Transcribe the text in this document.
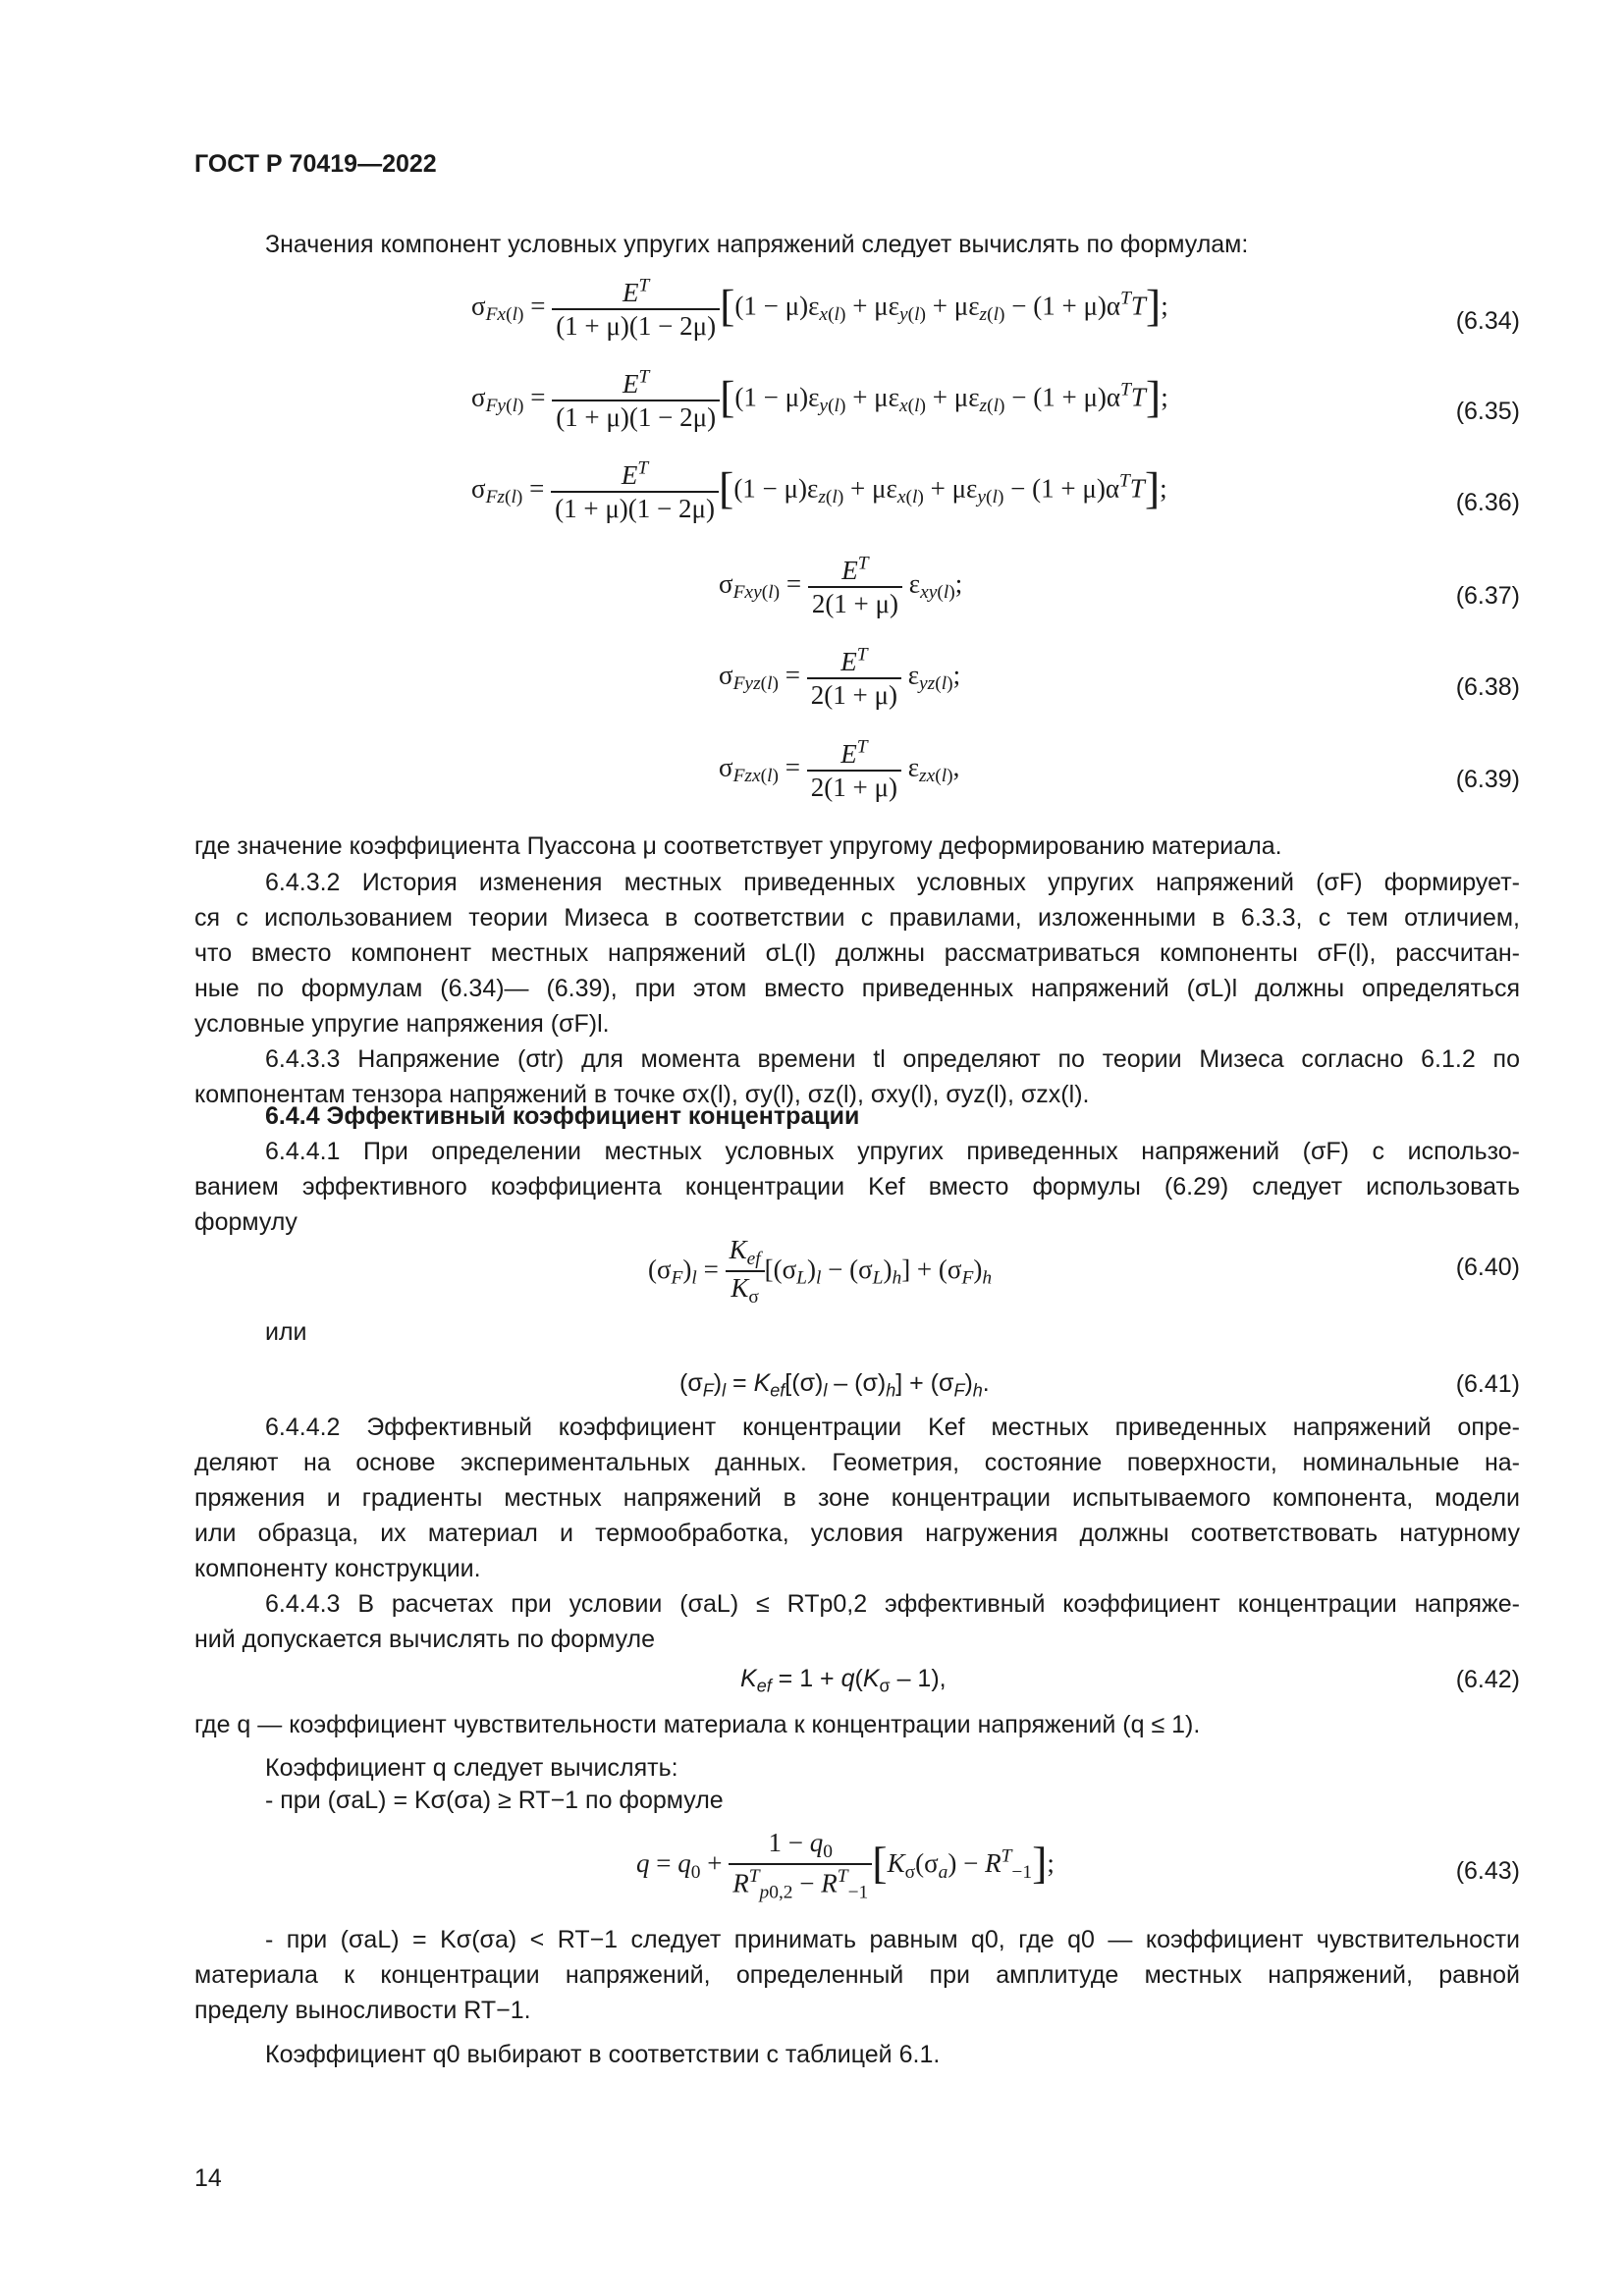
ГОСТ Р 70419—2022
Значения компонент условных упругих напряжений следует вычислять по формулам:
$\sigma_{Fx(l)} = \frac{E^T}{(1 + \mu)(1 - 2\mu)} [(1 - \mu)\varepsilon_{x(l)} + \mu\varepsilon_{y(l)} + \mu\varepsilon_{z(l)} - (1 + \mu)\alpha^TT]$;
(6.34)
$\sigma_{Fy(l)} = \frac{E^T}{(1 + \mu)(1 - 2\mu)} [(1 - \mu)\varepsilon_{y(l)} + \mu\varepsilon_{x(l)} + \mu\varepsilon_{z(l)} - (1 + \mu)\alpha^TT]$;	(6.35)
$\sigma_{Fz(l)} = \frac{E^T}{(1 + \mu)(1 - 2\mu)} [(1 - \mu)\varepsilon_{z(l)} + \mu\varepsilon_{x(l)} + \mu\varepsilon_{y(l)} - (1 + \mu)\alpha^TT]$;	(6.36)
$\sigma_{Fxy(l)} = \frac{E^T}{2(1 + \mu)} \varepsilon_{xy(l)}$;	(6.37)
$\sigma_{Fyz(l)} = \frac{E^T}{2(1 + \mu)} \varepsilon_{yz(l)}$;	(6.38)
$\sigma_{Fzx(l)} = \frac{E^T}{2(1 + \mu)} \varepsilon_{zx(l)}$,	(6.39)
где значение коэффициента Пуассона μ соответствует упругому деформированию материала.
6.4.3.2 История изменения местных приведенных условных упругих напряжений (σF) формирует-
ся с использованием теории Мизеса в соответствии с правилами, изложенными в 6.3.3, с тем отличием,
что вместо компонент местных напряжений σL(l) должны рассматриваться компоненты σF(l), рассчитан-
ные по формулам (6.34)— (6.39), при этом вместо приведенных напряжений (σL)l должны определяться
условные упругие напряжения (σF)l.
6.4.3.3 Напряжение (σtr) для момента времени tl определяют по теории Мизеса согласно 6.1.2 по
компонентам тензора напряжений в точке σx(l), σy(l), σz(l), σxy(l), σyz(l), σzx(l).
6.4.4 Эффективный коэффициент концентрации
6.4.4.1 При определении местных условных упругих приведенных напряжений (σF) с использо-
ванием эффективного коэффициента концентрации Kef вместо формулы (6.29) следует использовать
формулу
$(\sigma_F)_l = \frac{K_{ef}}{K_\sigma} [(\sigma_L)_l - (\sigma_L)_h] + (\sigma_F)_h$	(6.40)
или
$(\sigma_F)_l = K_{ef}[(\sigma)_l - (\sigma)_h] + (\sigma_F)_h$.	(6.41)
6.4.4.2 Эффективный коэффициент концентрации Kef местных приведенных напряжений опре-
деляют на основе экспериментальных данных. Геометрия, состояние поверхности, номинальные на-
пряжения и градиенты местных напряжений в зоне концентрации испытываемого компонента, модели
или образца, их материал и термообработка, условия нагружения должны соответствовать натурному
компоненту конструкции.
6.4.4.3 В расчетах при условии (σaL) ≤ RTp0,2 эффективный коэффициент концентрации напряже-
ний допускается вычислять по формуле
$K_{ef} = 1 + q(K_\sigma - 1)$,	(6.42)
где q — коэффициент чувствительности материала к концентрации напряжений (q ≤ 1).
Коэффициент q следует вычислять:
- при (σaL) = Kσ(σa) ≥ RT−1 по формуле
$q = q_0 + \frac{1 - q_0}{R^T_{p0,2} - R^T_{-1}} [K_\sigma(\sigma_a) - R^T_{-1}]$;	(6.43)
- при (σaL) = Kσ(σa) < RT−1 следует принимать равным q0, где q0 — коэффициент чувствительности
материала к концентрации напряжений, определенный при амплитуде местных напряжений, равной
пределу выносливости RT−1.
Коэффициент q0 выбирают в соответствии с таблицей 6.1.
14
